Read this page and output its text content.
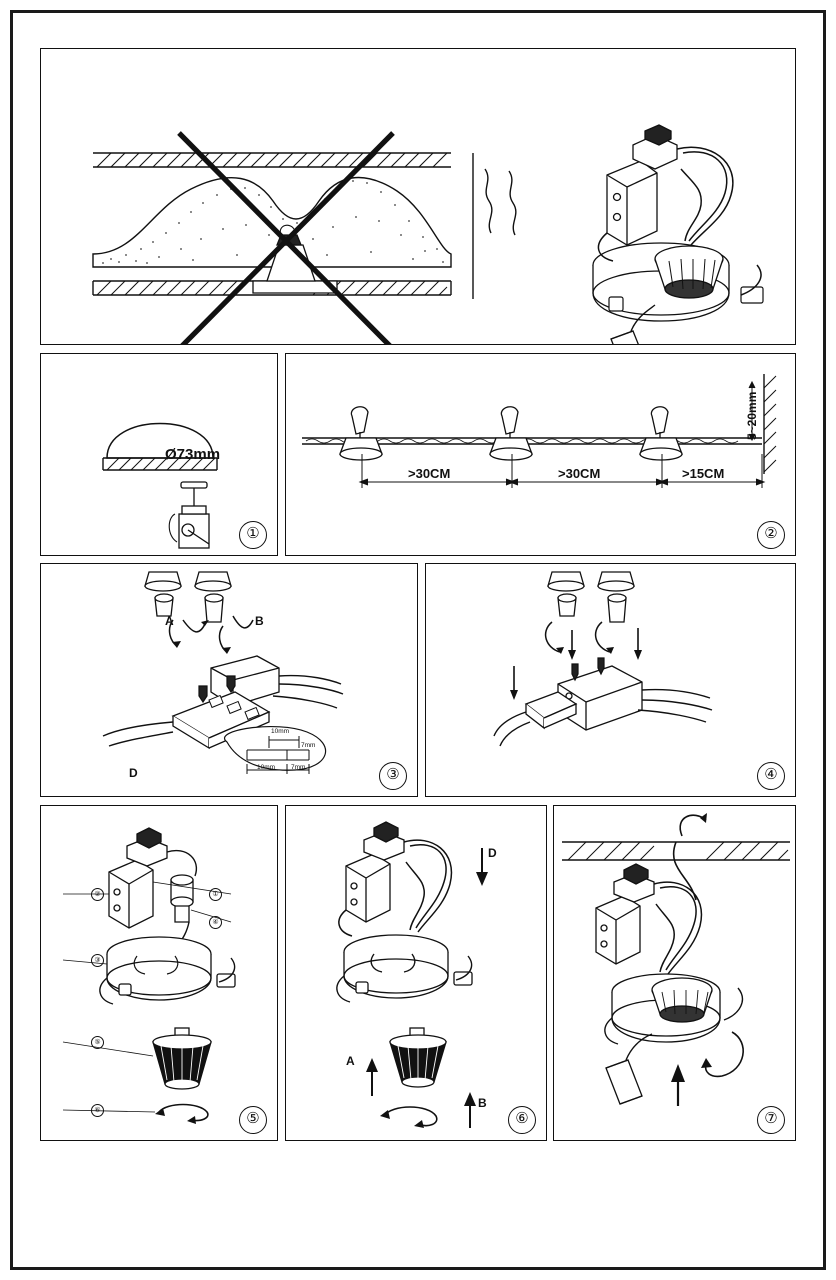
Ø73mm
①
>30CM	>30CM	>15CM
5~20mm
②
A	B
D
10mm
7mm
10mm 7mm	③	④
②	①
④
③
⑤
⑥
⑤
D
A
B
⑥	⑦
